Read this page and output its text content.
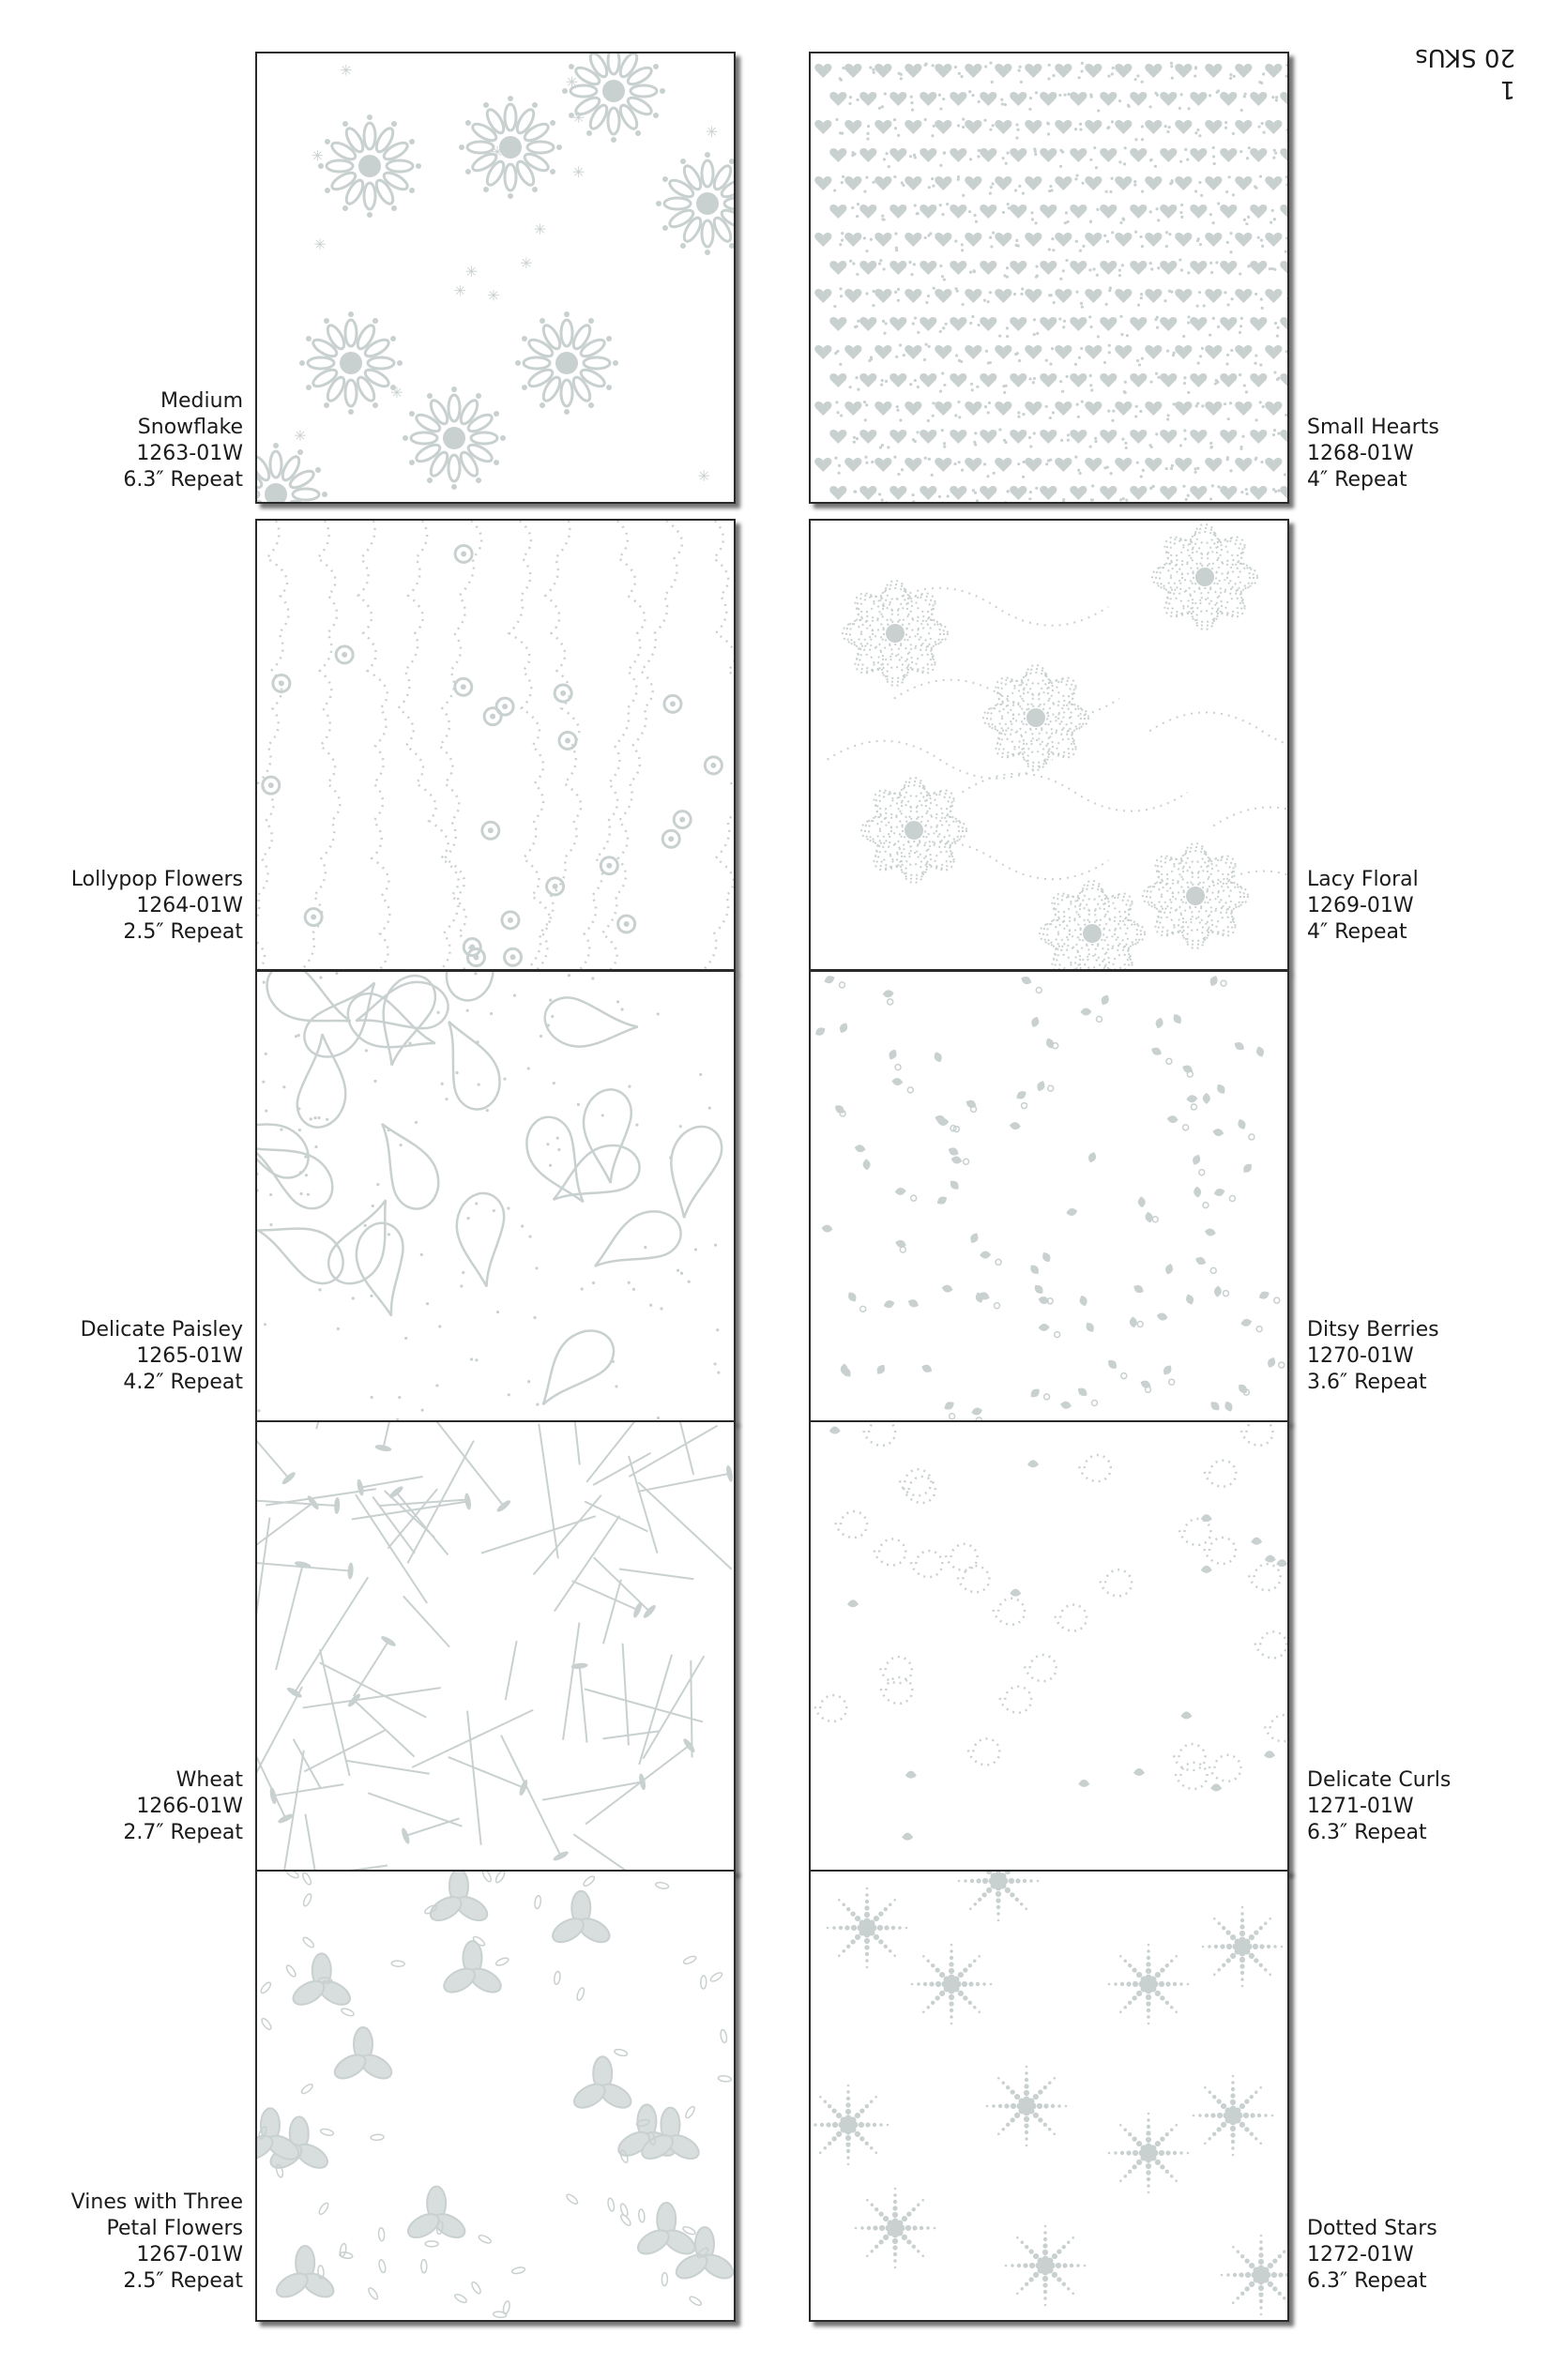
1
20 SKUs
✳
✳
✳
✳
✳
✳
✳
✳
✳
✳
✳
✳
✳
✳
✳
✳
Medium
Snowflake
1263-01W
6.3″ Repeat
Lollypop Flowers
1264-01W
2.5″ Repeat
Delicate Paisley
1265-01W
4.2″ Repeat
Wheat
1266-01W
2.7″ Repeat
Vines with Three
Petal Flowers
1267-01W
2.5″ Repeat
Small Hearts
1268-01W
4″ Repeat
Lacy Floral
1269-01W
4″ Repeat
Ditsy Berries
1270-01W
3.6″ Repeat
Delicate Curls
1271-01W
6.3″ Repeat
Dotted Stars
1272-01W
6.3″ Repeat
